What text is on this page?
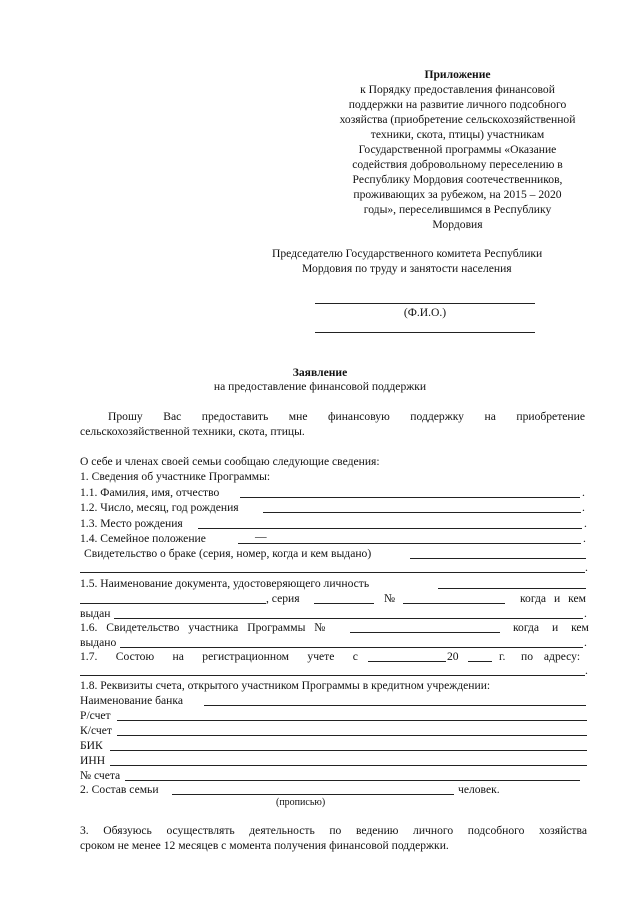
Приложение
к Порядку предоставления финансовой
поддержки на развитие личного подсобного
хозяйства (приобретение сельскохозяйственной
техники, скота, птицы) участникам
Государственной программы «Оказание
содействия добровольному переселению в
Республику Мордовия соотечественников,
проживающих за рубежом, на 2015 – 2020
годы», переселившимся в Республику
Мордовия
Председателю Государственного комитета Республики
Мордовия по труду и занятости населения
(Ф.И.О.)
Заявление
на предоставление финансовой поддержки
Прошу Вас предоставить мне финансовую поддержку на приобретение
сельскохозяйственной техники, скота, птицы.
О себе и членах своей семьи сообщаю следующие сведения:
1. Сведения об участнике Программы:
1.1. Фамилия, имя, отчество	.
1.2. Число, месяц, год рождения	.
1.3. Место рождения	.
1.4. Семейное положение	—	.
Свидетельство о браке (серия, номер, когда и кем выдано)
.
1.5. Наименование документа, удостоверяющего личность
, серия	№	когда и кем
выдан	.
1.6. Свидетельство участника Программы №	когда и кем
выдано	.
1.7. Состою на регистрационном учете с	20	г. по адресу:
.
1.8. Реквизиты счета, открытого участником Программы в кредитном учреждении:
Наименование банка
Р/счет
К/счет
БИК
ИНН
№ счета
2. Состав семьи	человек.
(прописью)
3. Обязуюсь осуществлять деятельность по ведению личного подсобного хозяйства
сроком не менее 12 месяцев с момента получения финансовой поддержки.
